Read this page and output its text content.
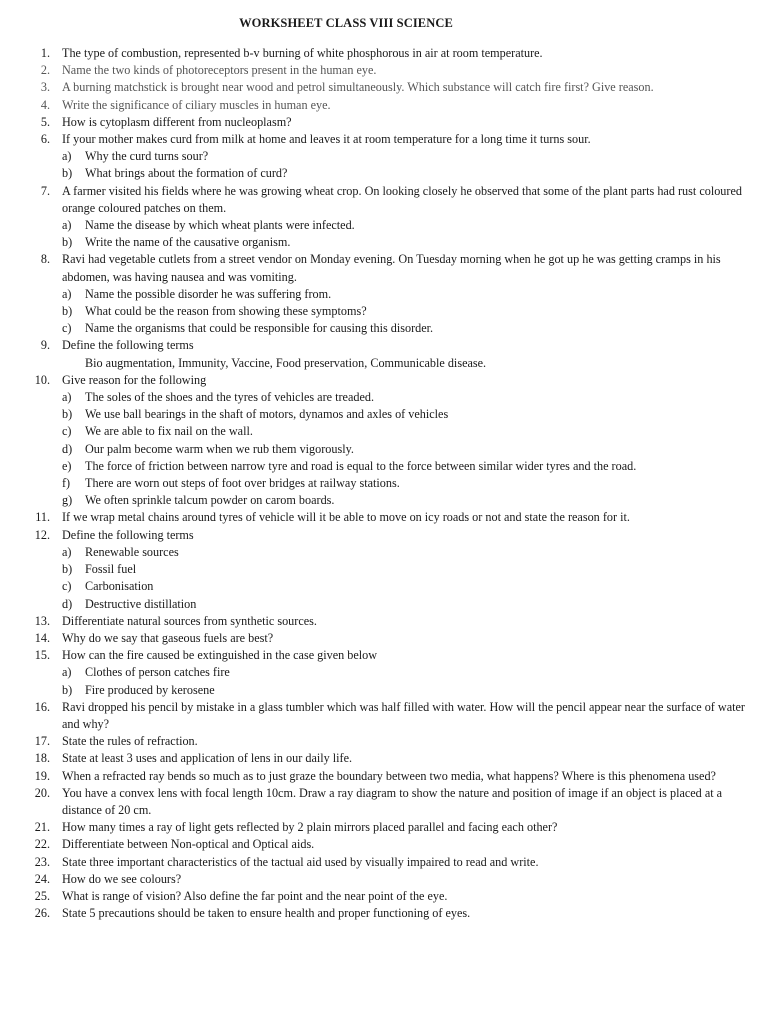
WORKSHEET CLASS VIII SCIENCE
1. The type of combustion, represented b-v burning of white phosphorous in air at room temperature.
2. Name the two kinds of photoreceptors present in the human eye.
3. A burning matchstick is brought near wood and petrol simultaneously. Which substance will catch fire first? Give reason.
4. Write the significance of ciliary muscles in human eye.
5. How is cytoplasm different from nucleoplasm?
6. If your mother makes curd from milk at home and leaves it at room temperature for a long time it turns sour.
a) Why the curd turns sour?
b) What brings about the formation of curd?
7. A farmer visited his fields where he was growing wheat crop. On looking closely he observed that some of the plant parts had rust coloured orange coloured patches on them.
a) Name the disease by which wheat plants were infected.
b) Write the name of the causative organism.
8. Ravi had vegetable cutlets from a street vendor on Monday evening. On Tuesday morning when he got up he was getting cramps in his abdomen, was having nausea and was vomiting.
a) Name the possible disorder he was suffering from.
b) What could be the reason from showing these symptoms?
c) Name the organisms that could be responsible for causing this disorder.
9. Define the following terms
Bio augmentation, Immunity, Vaccine, Food preservation, Communicable disease.
10. Give reason for the following
a) The soles of the shoes and the tyres of vehicles are treaded.
b) We use ball bearings in the shaft of motors, dynamos and axles of vehicles
c) We are able to fix nail on the wall.
d) Our palm become warm when we rub them vigorously.
e) The force of friction between narrow tyre and road is equal to the force between similar wider tyres and the road.
f) There are worn out steps of foot over bridges at railway stations.
g) We often sprinkle talcum powder on carom boards.
11. If we wrap metal chains around tyres of vehicle will it be able to move on icy roads or not and state the reason for it.
12. Define the following terms
a) Renewable sources
b) Fossil fuel
c) Carbonisation
d) Destructive distillation
13. Differentiate natural sources from synthetic sources.
14. Why do we say that gaseous fuels are best?
15. How can the fire caused be extinguished in the case given below
a) Clothes of person catches fire
b) Fire produced by kerosene
16. Ravi dropped his pencil by mistake in a glass tumbler which was half filled with water. How will the pencil appear near the surface of water and why?
17. State the rules of refraction.
18. State at least 3 uses and application of lens in our daily life.
19. When a refracted ray bends so much as to just graze the boundary between two media, what happens? Where is this phenomena used?
20. You have a convex lens with focal length 10cm. Draw a ray diagram to show the nature and position of image if an object is placed at a distance of 20 cm.
21. How many times a ray of light gets reflected by 2 plain mirrors placed parallel and facing each other?
22. Differentiate between Non-optical and Optical aids.
23. State three important characteristics of the tactual aid used by visually impaired to read and write.
24. How do we see colours?
25. What is range of vision? Also define the far point and the near point of the eye.
26. State 5 precautions should be taken to ensure health and proper functioning of eyes.
